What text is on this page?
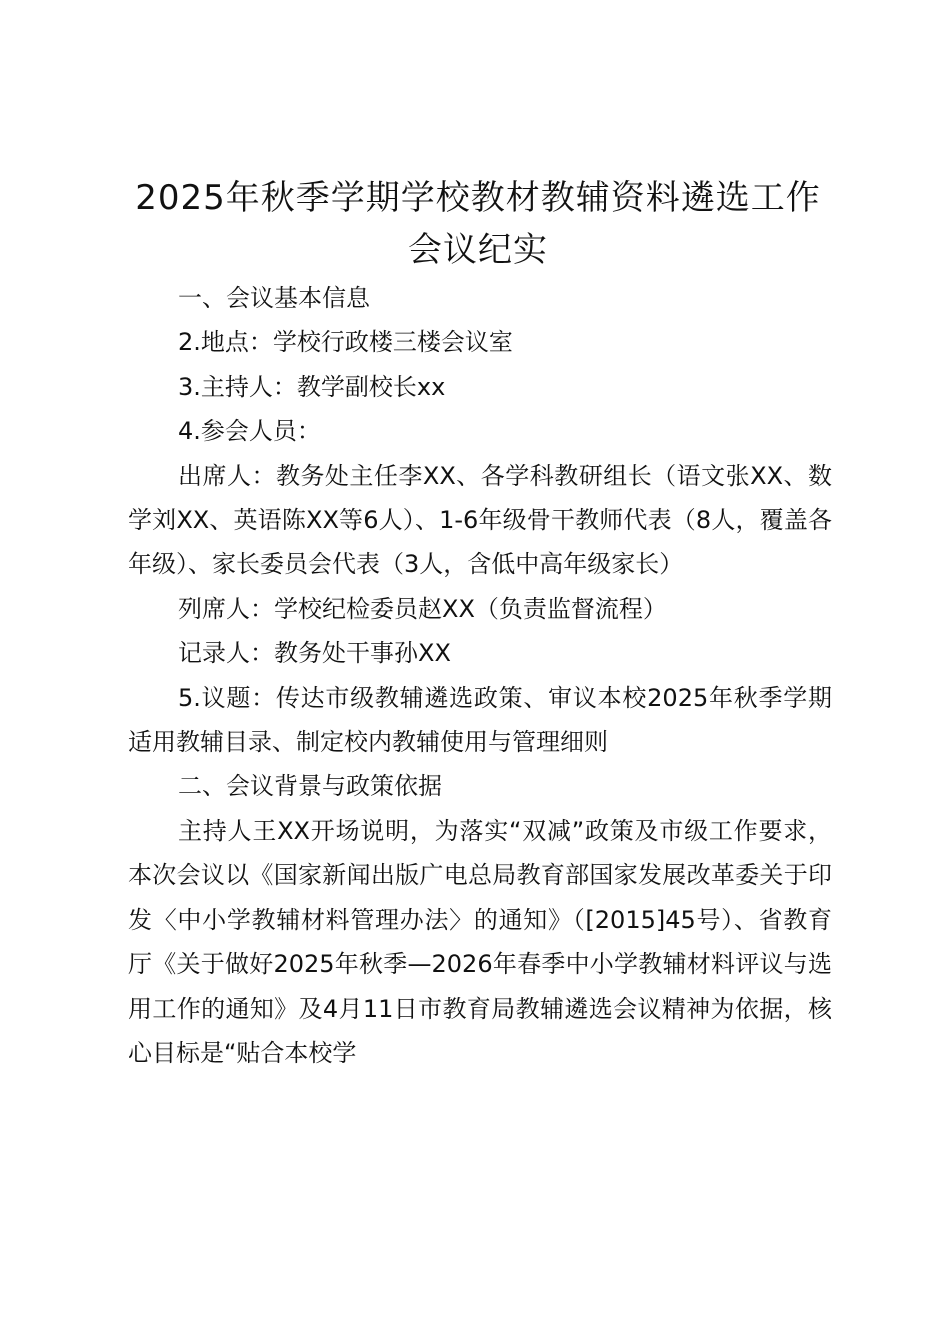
2025年秋季学期学校教材教辅资料遴选工作会议纪实

一、会议基本信息

2.地点：学校行政楼三楼会议室

3.主持人：教学副校长xx

4.参会人员：

出席人：教务处主任李XX、各学科教研组长（语文张XX、数学刘XX、英语陈XX等6人）、1-6年级骨干教师代表（8人，覆盖各年级）、家长委员会代表（3人，含低中高年级家长）

列席人：学校纪检委员赵XX（负责监督流程）

记录人：教务处干事孙XX

5.议题：传达市级教辅遴选政策、审议本校2025年秋季学期适用教辅目录、制定校内教辅使用与管理细则

二、会议背景与政策依据

主持人王XX开场说明，为落实“双减”政策及市级工作要求，本次会议以《国家新闻出版广电总局教育部国家发展改革委关于印发〈中小学教辅材料管理办法〉的通知》（[2015]45号）、省教育厅《关于做好2025年秋季—2026年春季中小学教辅材料评议与选用工作的通知》及4月11日市教育局教辅遴选会议精神为依据，核心目标是“贴合本校学
